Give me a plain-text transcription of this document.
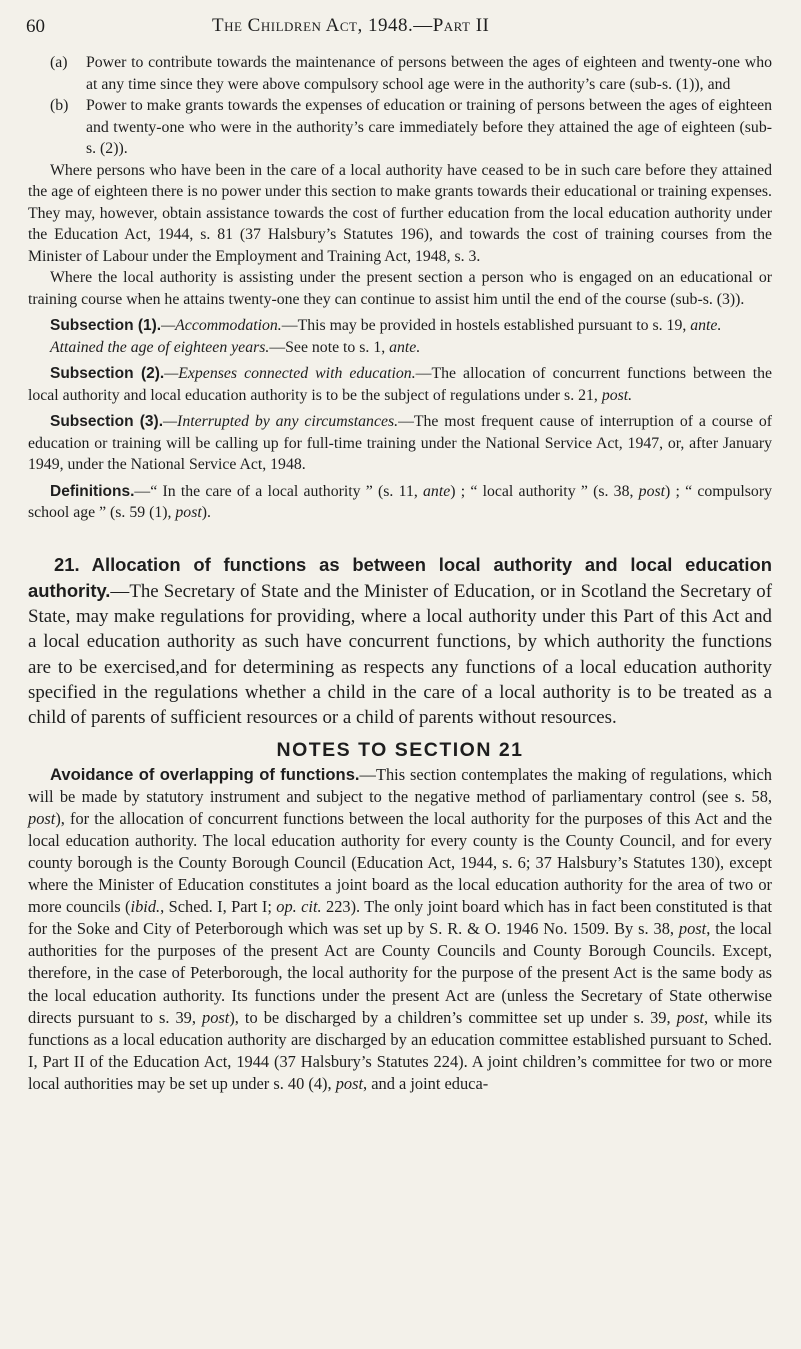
60	The Children Act, 1948.—Part II
(a) Power to contribute towards the maintenance of persons between the ages of eighteen and twenty-one who at any time since they were above compulsory school age were in the authority’s care (sub-s. (1)), and
(b) Power to make grants towards the expenses of education or training of persons between the ages of eighteen and twenty-one who were in the authority’s care immediately before they attained the age of eighteen (sub-s. (2)).

Where persons who have been in the care of a local authority have ceased to be in such care before they attained the age of eighteen there is no power under this section to make grants towards their educational or training expenses. They may, however, obtain assistance towards the cost of further education from the local education authority under the Education Act, 1944, s. 81 (37 Halsbury’s Statutes 196), and towards the cost of training courses from the Minister of Labour under the Employment and Training Act, 1948, s. 3.

Where the local authority is assisting under the present section a person who is engaged on an educational or training course when he attains twenty-one they can continue to assist him until the end of the course (sub-s. (3)).

Subsection (1).—Accommodation.—This may be provided in hostels established pursuant to s. 19, ante.

Attained the age of eighteen years.—See note to s. 1, ante.

Subsection (2).—Expenses connected with education.—The allocation of concurrent functions between the local authority and local education authority is to be the subject of regulations under s. 21, post.

Subsection (3).—Interrupted by any circumstances.—The most frequent cause of interruption of a course of education or training will be calling up for full-time training under the National Service Act, 1947, or, after January 1949, under the National Service Act, 1948.

Definitions.—“ In the care of a local authority ” (s. 11, ante) ; “ local authority ” (s. 38, post) ; “ compulsory school age ” (s. 59 (1), post).

21. Allocation of functions as between local authority and local education authority.—The Secretary of State and the Minister of Education, or in Scotland the Secretary of State, may make regulations for providing, where a local authority under this Part of this Act and a local education authority as such have concurrent functions, by which authority the functions are to be exercised,and for determining as respects any functions of a local education authority specified in the regulations whether a child in the care of a local authority is to be treated as a child of parents of sufficient resources or a child of parents without resources.

NOTES TO SECTION 21

Avoidance of overlapping of functions.—This section contemplates the making of regulations, which will be made by statutory instrument and subject to the negative method of parliamentary control (see s. 58, post), for the allocation of concurrent functions between the local authority for the purposes of this Act and the local education authority. The local education authority for every county is the County Council, and for every county borough is the County Borough Council (Education Act, 1944, s. 6; 37 Halsbury’s Statutes 130), except where the Minister of Education constitutes a joint board as the local education authority for the area of two or more councils (ibid., Sched. I, Part I; op. cit. 223). The only joint board which has in fact been constituted is that for the Soke and City of Peterborough which was set up by S. R. & O. 1946 No. 1509. By s. 38, post, the local authorities for the purposes of the present Act are County Councils and County Borough Councils. Except, therefore, in the case of Peterborough, the local authority for the purpose of the present Act is the same body as the local education authority. Its functions under the present Act are (unless the Secretary of State otherwise directs pursuant to s. 39, post), to be discharged by a children’s committee set up under s. 39, post, while its functions as a local education authority are discharged by an education committee established pursuant to Sched. I, Part II of the Education Act, 1944 (37 Halsbury’s Statutes 224). A joint children’s committee for two or more local authorities may be set up under s. 40 (4), post, and a joint educa-
